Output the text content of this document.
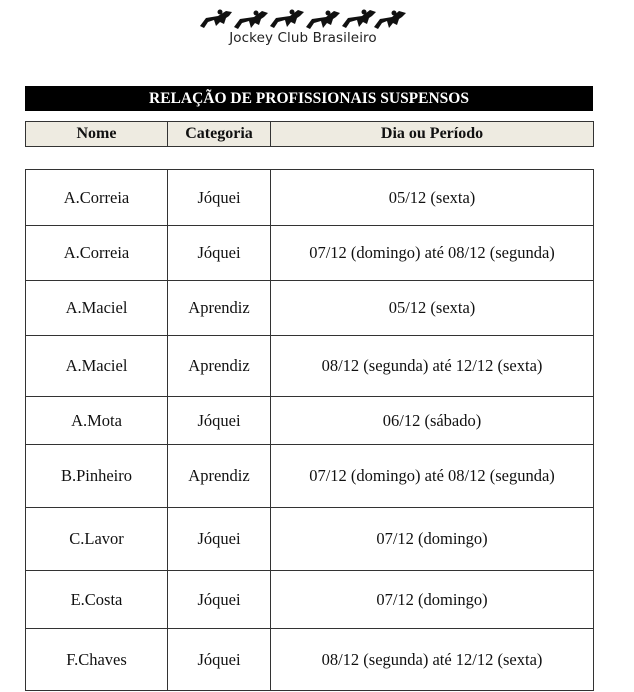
Jockey Club Brasileiro
RELAÇÃO DE PROFISSIONAIS SUSPENSOS
Nome	Categoria	Dia ou Período
A.Correia	Jóquei	05/12 (sexta)
A.Correia	Jóquei	07/12 (domingo) até 08/12 (segunda)
A.Maciel	Aprendiz	05/12 (sexta)
A.Maciel	Aprendiz	08/12 (segunda) até 12/12 (sexta)
A.Mota	Jóquei	06/12 (sábado)
B.Pinheiro	Aprendiz	07/12 (domingo) até 08/12 (segunda)
C.Lavor	Jóquei	07/12 (domingo)
E.Costa	Jóquei	07/12 (domingo)
F.Chaves	Jóquei	08/12 (segunda) até 12/12 (sexta)
